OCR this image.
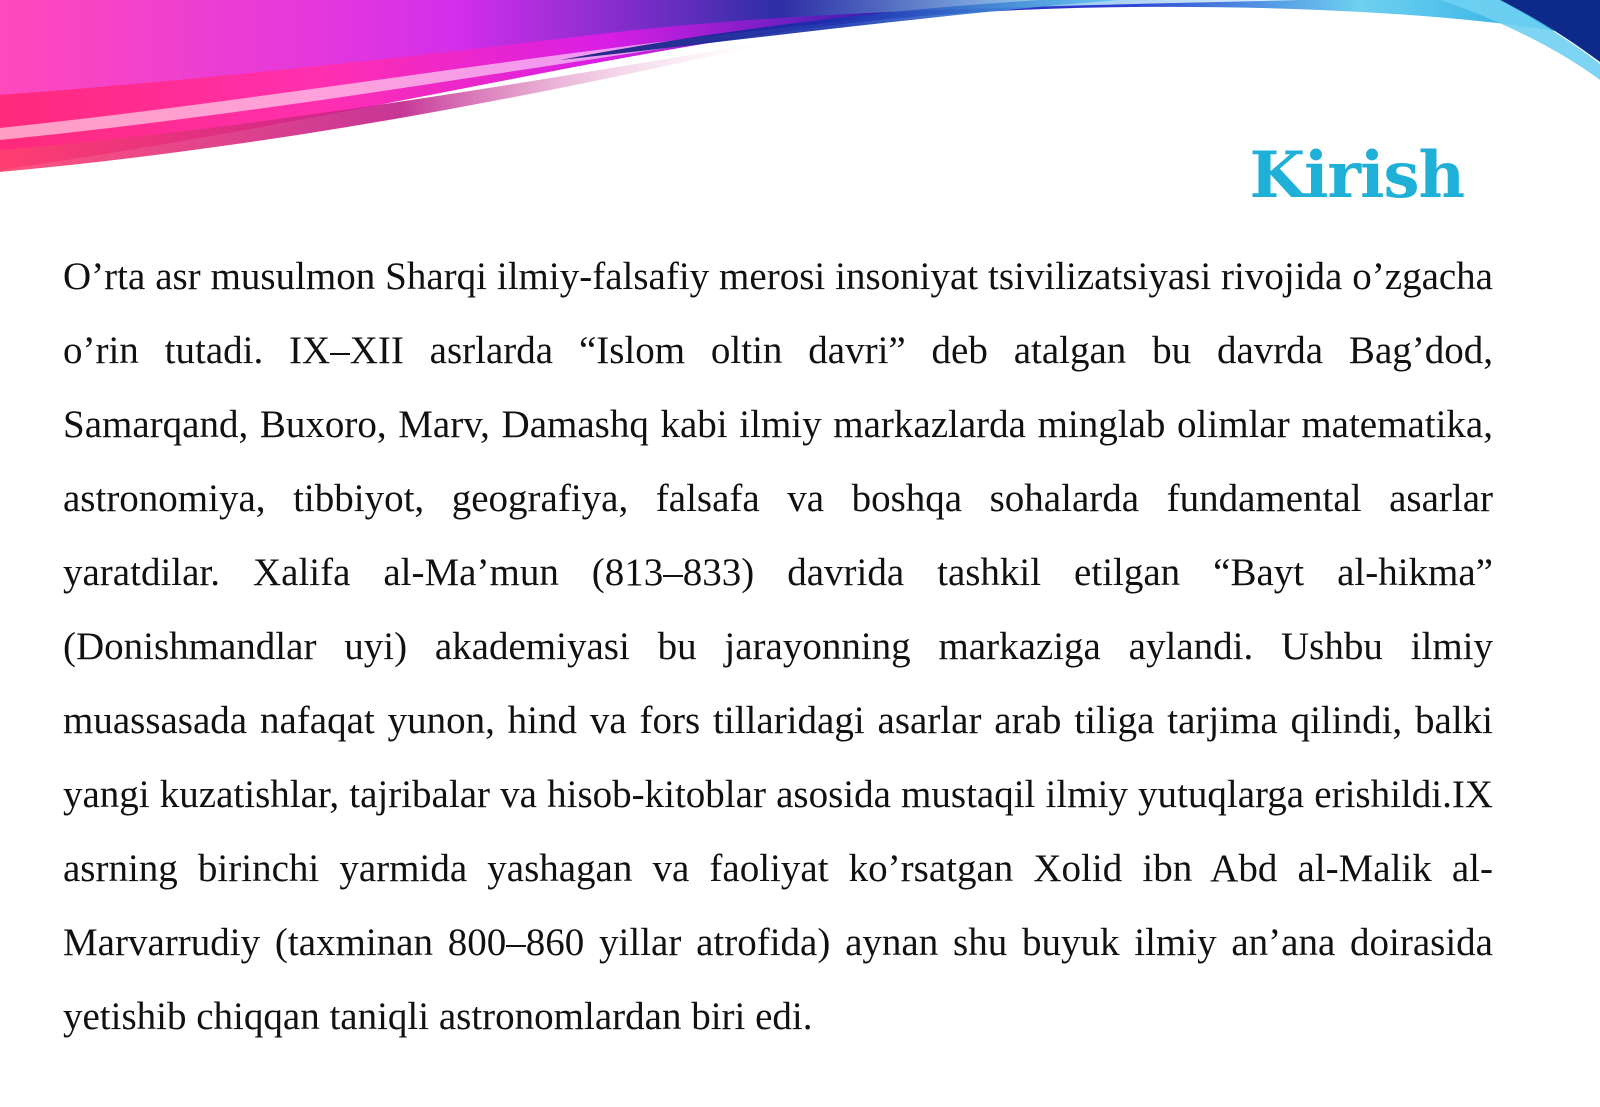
Kirish

O’rta asr musulmon Sharqi ilmiy-falsafiy merosi insoniyat tsivilizatsiyasi rivojida o’zgacha o’rin tutadi. IX–XII asrlarda “Islom oltin davri” deb atalgan bu davrda Bag’dod, Samarqand, Buxoro, Marv, Damashq kabi ilmiy markazlarda minglab olimlar matematika, astronomiya, tibbiyot, geografiya, falsafa va boshqa sohalarda fundamental asarlar yaratdilar. Xalifa al-Ma’mun (813–833) davrida tashkil etilgan “Bayt al-hikma” (Donishmandlar uyi) akademiyasi bu jarayonning markaziga aylandi. Ushbu ilmiy muassasada nafaqat yunon, hind va fors tillaridagi asarlar arab tiliga tarjima qilindi, balki yangi kuzatishlar, tajribalar va hisob-kitoblar asosida mustaqil ilmiy yutuqlarga erishildi.IX asrning birinchi yarmida yashagan va faoliyat ko’rsatgan Xolid ibn Abd al-Malik al-Marvarrudiy (taxminan 800–860 yillar atrofida) aynan shu buyuk ilmiy an’ana doirasida yetishib chiqqan taniqli astronomlardan biri edi.
